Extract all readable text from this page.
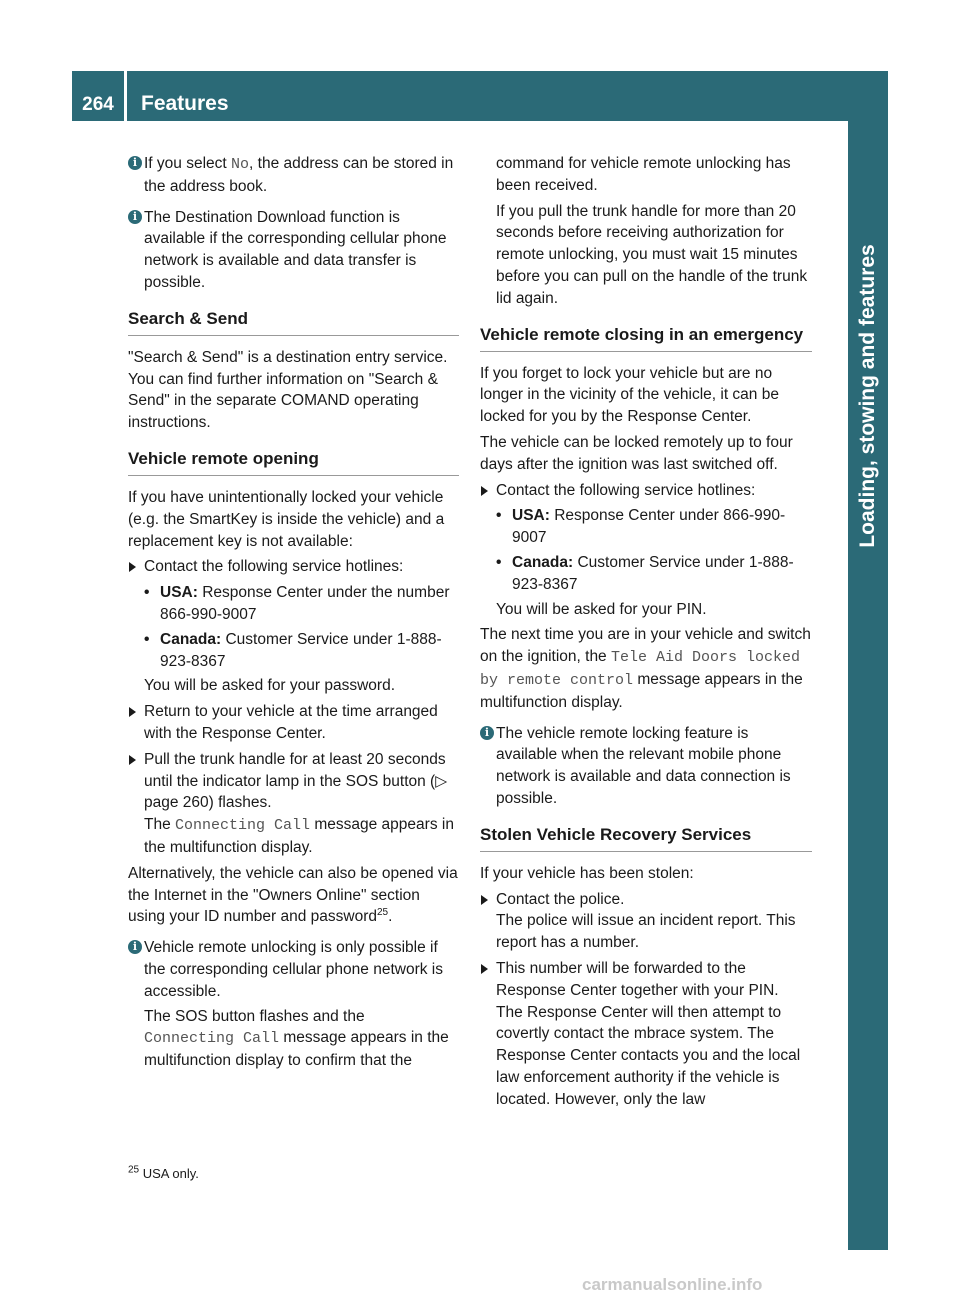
264	Features
Loading, stowing and features
i If you select No, the address can be stored in the address book.
i The Destination Download function is available if the corresponding cellular phone network is available and data transfer is possible.
Search & Send

"Search & Send" is a destination entry service. You can find further information on "Search & Send" in the separate COMAND operating instructions.

Vehicle remote opening

If you have unintentionally locked your vehicle (e.g. the SmartKey is inside the vehicle) and a replacement key is not available:

Contact the following service hotlines:
• USA: Response Center under the number 866-990-9007
• Canada: Customer Service under 1-888-923-8367

You will be asked for your password.

Return to your vehicle at the time arranged with the Response Center.
Pull the trunk handle for at least 20 seconds until the indicator lamp in the SOS button (▷ page 260) flashes.
The Connecting Call message appears in the multifunction display.

Alternatively, the vehicle can also be opened via the Internet in the "Owners Online" section using your ID number and password$^{25}$.

i Vehicle remote unlocking is only possible if the corresponding cellular phone network is accessible.
The SOS button flashes and the
Connecting Call message appears in the multifunction display to confirm that the

command for vehicle remote unlocking has been received.

If you pull the trunk handle for more than 20 seconds before receiving authorization for remote unlocking, you must wait 15 minutes before you can pull on the handle of the trunk lid again.

Vehicle remote closing in an emergency

If you forget to lock your vehicle but are no longer in the vicinity of the vehicle, it can be locked for you by the Response Center.

The vehicle can be locked remotely up to four days after the ignition was last switched off.

Contact the following service hotlines:
• USA: Response Center under 866-990-9007
• Canada: Customer Service under 1-888-923-8367

You will be asked for your PIN.

The next time you are in your vehicle and switch on the ignition, the Tele Aid Doors locked by remote control message appears in the multifunction display.

i The vehicle remote locking feature is available when the relevant mobile phone network is available and data connection is possible.
Stolen Vehicle Recovery Services

If your vehicle has been stolen:

Contact the police.
The police will issue an incident report. This report has a number.
This number will be forwarded to the Response Center together with your PIN.
The Response Center will then attempt to covertly contact the mbrace system. The Response Center contacts you and the local law enforcement authority if the vehicle is located. However, only the law
$^{25}$ USA only.
carmanualsonline.info
